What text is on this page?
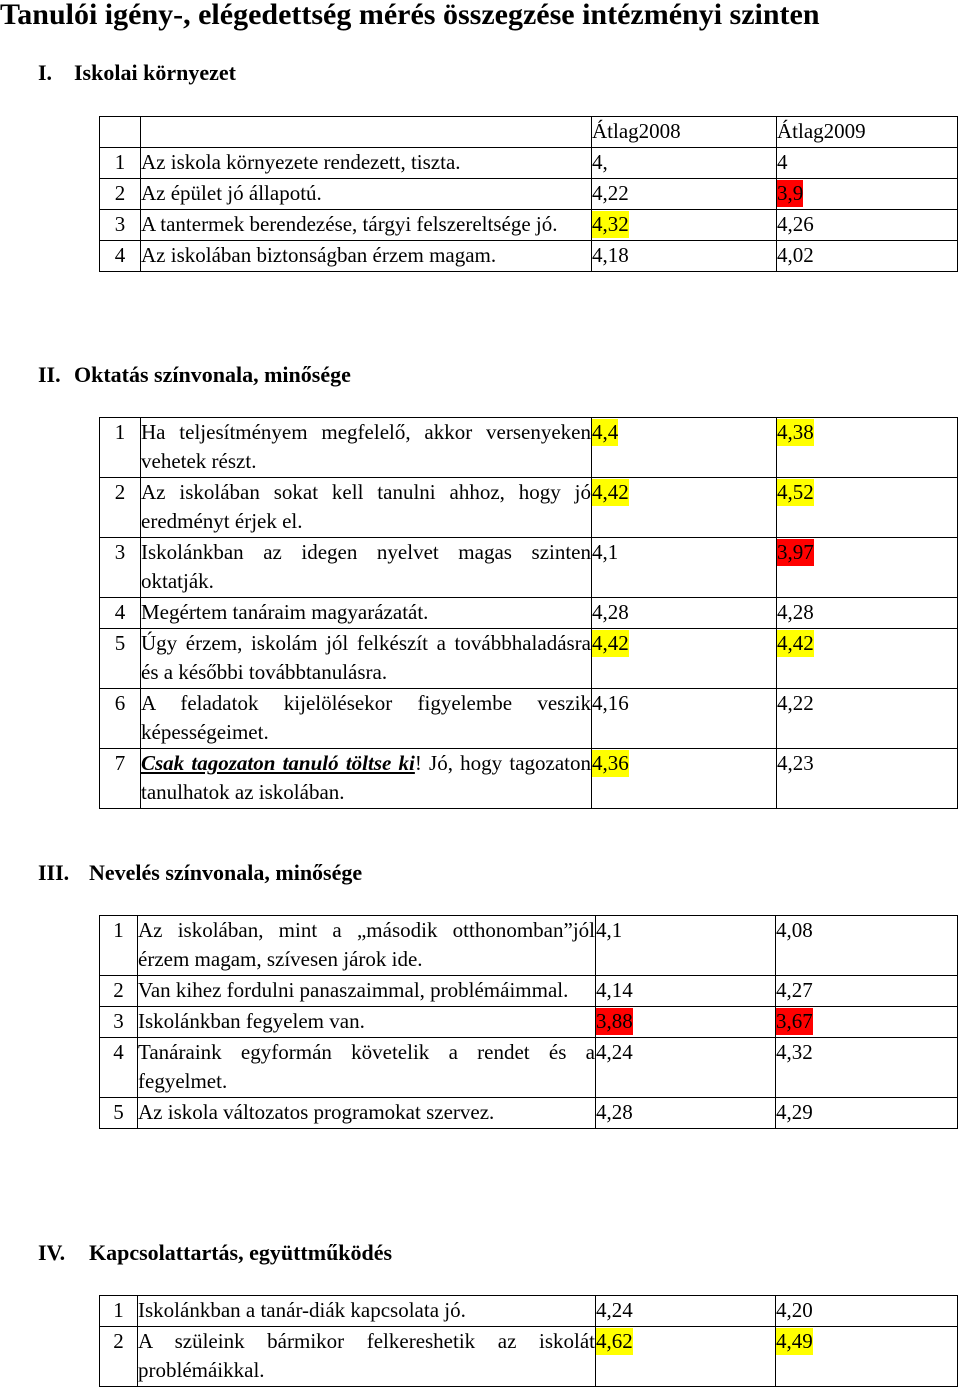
Tanulói igény-, elégedettség mérés összegzése intézményi szinten
I. Iskolai környezet
		Átlag2008	Átlag2009
1	Az iskola környezete rendezett, tiszta.	4,	4
2	Az épület jó állapotú.	4,22	3,9
3	A tantermek berendezése, tárgyi felszereltsége jó.	4,32	4,26
4	Az iskolában biztonságban érzem magam.	4,18	4,02
II. Oktatás színvonala, minősége
1	Ha teljesítményem megfelelő, akkor versenyeken vehetek részt.	4,4	4,38
2	Az iskolában sokat kell tanulni ahhoz, hogy jó eredményt érjek el.	4,42	4,52
3	Iskolánkban az idegen nyelvet magas szinten oktatják.	4,1	3,97
4	Megértem tanáraim magyarázatát.	4,28	4,28
5	Úgy érzem, iskolám jól felkészít a továbbhaladásra és a későbbi továbbtanulásra.	4,42	4,42
6	A feladatok kijelölésekor figyelembe veszik képességeimet.	4,16	4,22
7	Csak tagozaton tanuló töltse ki! Jó, hogy tagozaton tanulhatok az iskolában.	4,36	4,23
III. Nevelés színvonala, minősége
1	Az iskolában, mint a „második otthonomban”jól érzem magam, szívesen járok ide.	4,1	4,08
2	Van kihez fordulni panaszaimmal, problémáimmal.	4,14	4,27
3	Iskolánkban fegyelem van.	3,88	3,67
4	Tanáraink egyformán követelik a rendet és a fegyelmet.	4,24	4,32
5	Az iskola változatos programokat szervez.	4,28	4,29
IV. Kapcsolattartás, együttműködés
1	Iskolánkban a tanár-diák kapcsolata jó.	4,24	4,20
2	A szüleink bármikor felkereshetik az iskolát problémáikkal.	4,62	4,49
